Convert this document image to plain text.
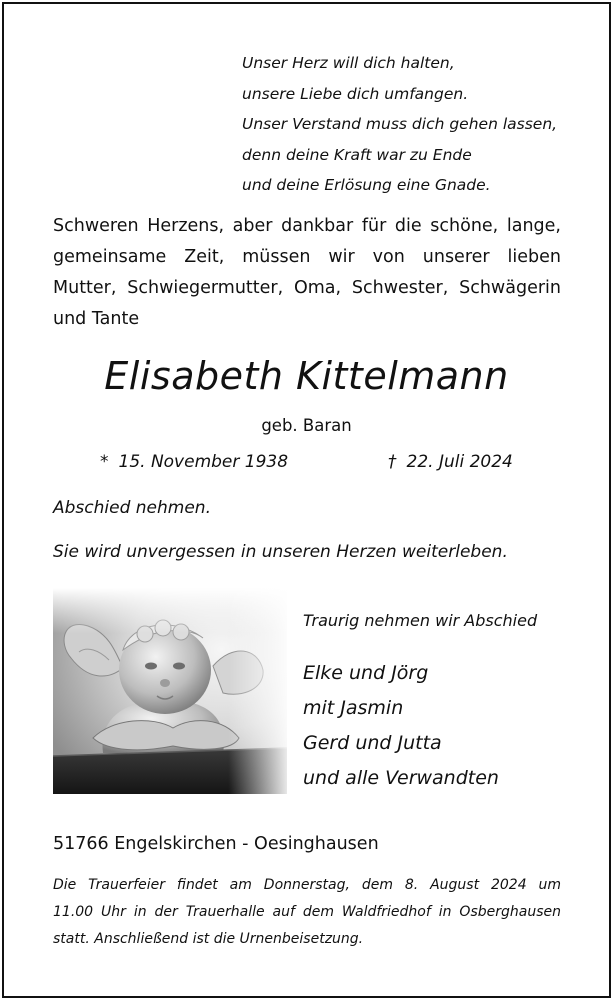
Unser Herz will dich halten,
unsere Liebe dich umfangen.
Unser Verstand muss dich gehen lassen,
denn deine Kraft war zu Ende
und deine Erlösung eine Gnade.
Schweren Herzens, aber dankbar für die schöne, lange,
gemeinsame Zeit, müssen wir von unserer lieben
Mutter, Schwiegermutter, Oma, Schwester, Schwägerin
und Tante
Elisabeth Kittelmann
geb. Baran
* 15. November 1938	† 22. Juli 2024
Abschied nehmen.
Sie wird unvergessen in unseren Herzen weiterleben.
Traurig nehmen wir Abschied
Elke und Jörg
mit Jasmin
Gerd und Jutta
und alle Verwandten
51766 Engelskirchen - Oesinghausen
Die Trauerfeier findet am Donnerstag, dem 8. August 2024 um
11.00 Uhr in der Trauerhalle auf dem Waldfriedhof in Osberghausen
statt. Anschließend ist die Urnenbeisetzung.
